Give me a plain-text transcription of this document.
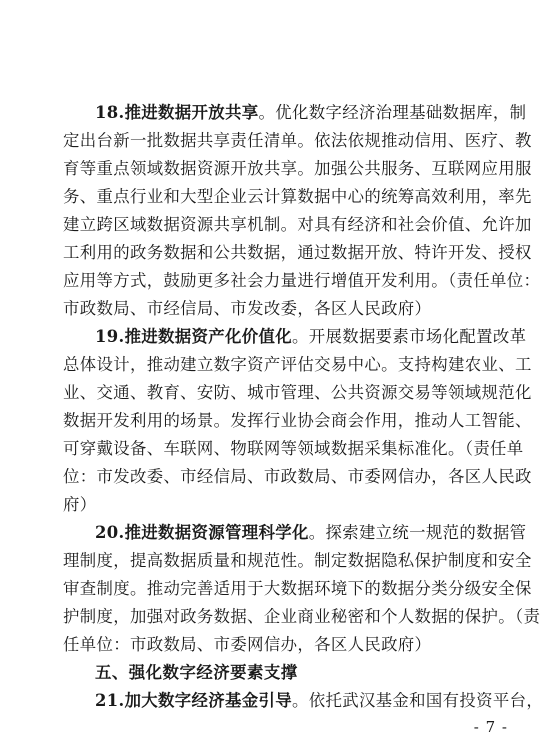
18.推进数据开放共享。优化数字经济治理基础数据库，制
定出台新一批数据共享责任清单。依法依规推动信用、医疗、教
育等重点领域数据资源开放共享。加强公共服务、互联网应用服
务、重点行业和大型企业云计算数据中心的统筹高效利用，率先
建立跨区域数据资源共享机制。对具有经济和社会价值、允许加
工利用的政务数据和公共数据，通过数据开放、特许开发、授权
应用等方式，鼓励更多社会力量进行增值开发利用。（责任单位：
市政数局、市经信局、市发改委，各区人民政府）
19.推进数据资产化价值化。开展数据要素市场化配置改革
总体设计，推动建立数字资产评估交易中心。支持构建农业、工
业、交通、教育、安防、城市管理、公共资源交易等领域规范化
数据开发利用的场景。发挥行业协会商会作用，推动人工智能、
可穿戴设备、车联网、物联网等领域数据采集标准化。（责任单
位：市发改委、市经信局、市政数局、市委网信办，各区人民政
府）
20.推进数据资源管理科学化。探索建立统一规范的数据管
理制度，提高数据质量和规范性。制定数据隐私保护制度和安全
审查制度。推动完善适用于大数据环境下的数据分类分级安全保
护制度，加强对政务数据、企业商业秘密和个人数据的保护。（责
任单位：市政数局、市委网信办，各区人民政府）
五、强化数字经济要素支撑
21.加大数字经济基金引导。依托武汉基金和国有投资平台，
- 7 -
